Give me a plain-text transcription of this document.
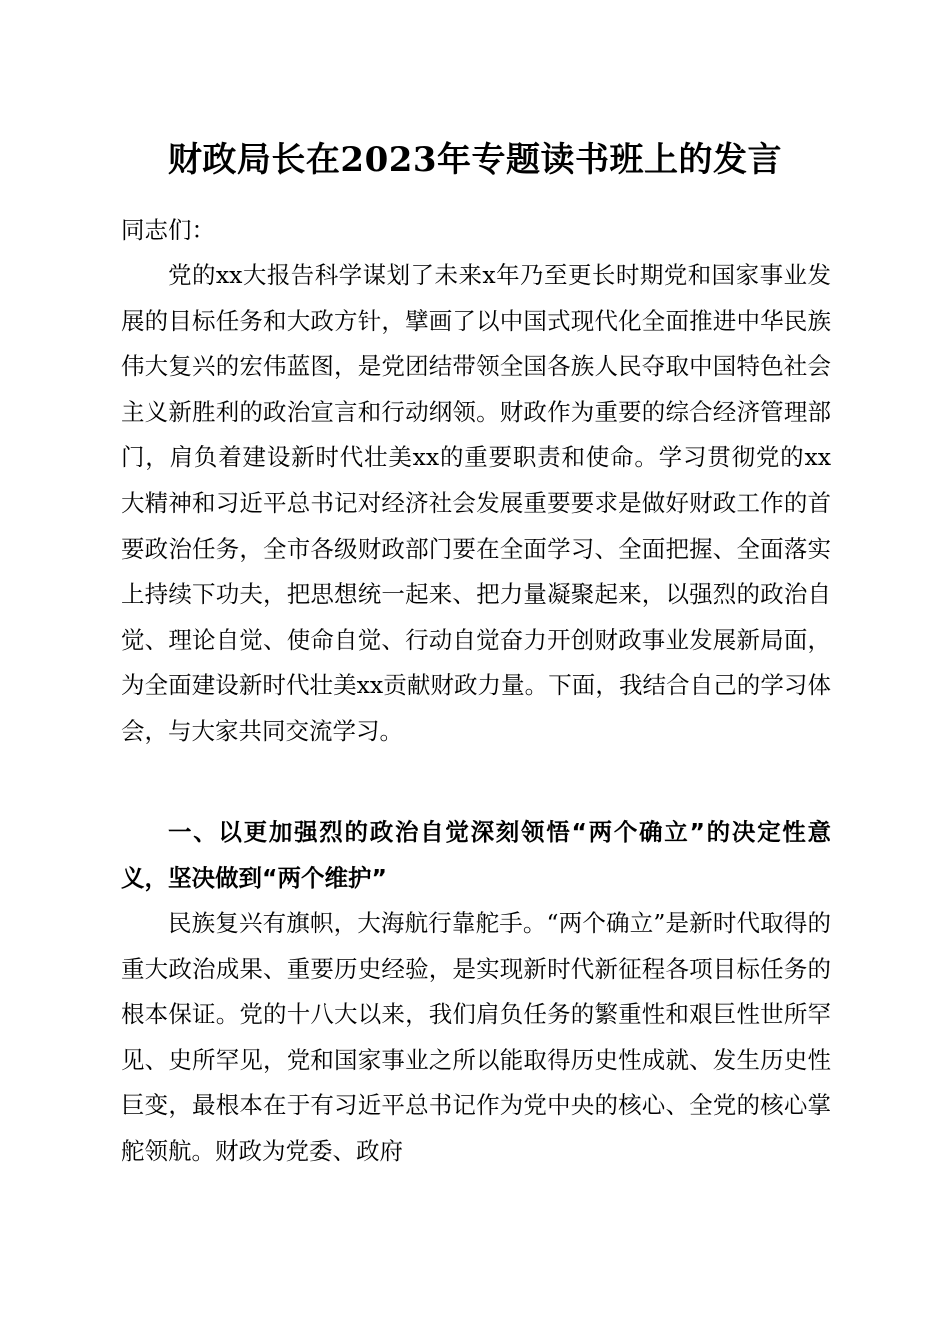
财政局长在2023年专题读书班上的发言

同志们：

党的xx大报告科学谋划了未来x年乃至更长时期党和国家事业发展的目标任务和大政方针，擘画了以中国式现代化全面推进中华民族伟大复兴的宏伟蓝图，是党团结带领全国各族人民夺取中国特色社会主义新胜利的政治宣言和行动纲领。财政作为重要的综合经济管理部门，肩负着建设新时代壮美xx的重要职责和使命。学习贯彻党的xx大精神和习近平总书记对经济社会发展重要要求是做好财政工作的首要政治任务，全市各级财政部门要在全面学习、全面把握、全面落实上持续下功夫，把思想统一起来、把力量凝聚起来，以强烈的政治自觉、理论自觉、使命自觉、行动自觉奋力开创财政事业发展新局面，为全面建设新时代壮美xx贡献财政力量。下面，我结合自己的学习体会，与大家共同交流学习。

一、以更加强烈的政治自觉深刻领悟“两个确立”的决定性意义，坚决做到“两个维护”

民族复兴有旗帜，大海航行靠舵手。“两个确立”是新时代取得的重大政治成果、重要历史经验，是实现新时代新征程各项目标任务的根本保证。党的十八大以来，我们肩负任务的繁重性和艰巨性世所罕见、史所罕见，党和国家事业之所以能取得历史性成就、发生历史性巨变，最根本在于有习近平总书记作为党中央的核心、全党的核心掌舵领航。财政为党委、政府
